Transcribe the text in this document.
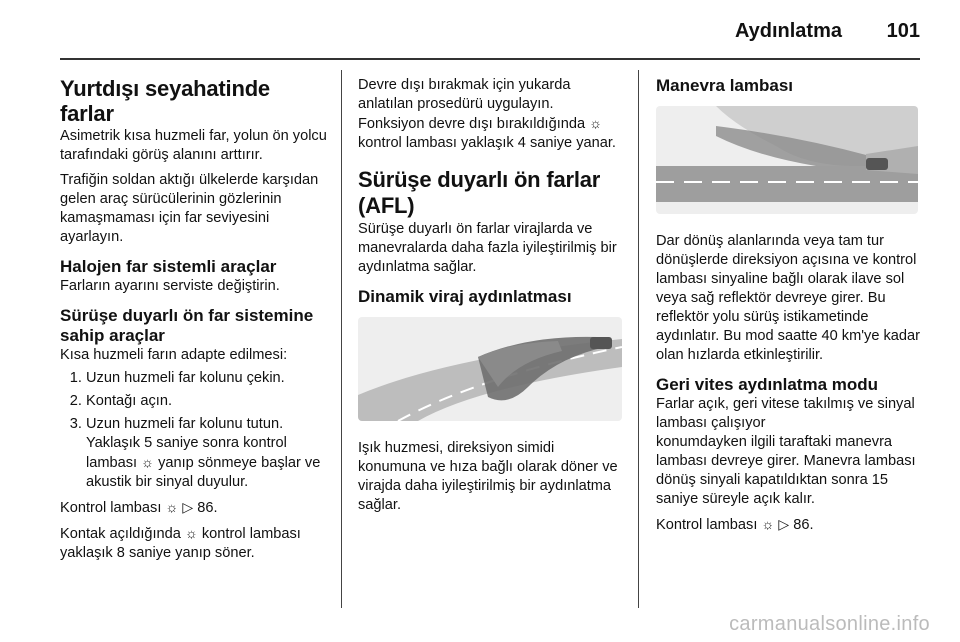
Aydınlatma 101
Yurtdışı seyahatinde farlar

Asimetrik kısa huzmeli far, yolun ön yolcu tarafındaki görüş alanını arttırır.

Trafiğin soldan aktığı ülkelerde karşıdan gelen araç sürücülerinin gözlerinin kamaşmaması için far seviyesini ayarlayın.

Halojen far sistemli araçlar

Farların ayarını serviste değiştirin.

Sürüşe duyarlı ön far sistemine sahip araçlar

Kısa huzmeli farın adapte edilmesi:

1. Uzun huzmeli far kolunu çekin.
2. Kontağı açın.
3. Uzun huzmeli far kolunu tutun.
Yaklaşık 5 saniye sonra kontrol lambası ☼ yanıp sönmeye başlar ve akustik bir sinyal duyulur.

Kontrol lambası ☼ ▷ 86.

Kontak açıldığında ☼ kontrol lambası yaklaşık 8 saniye yanıp söner.

Devre dışı bırakmak için yukarda anlatılan prosedürü uygulayın. Fonksiyon devre dışı bırakıldığında ☼ kontrol lambası yaklaşık 4 saniye yanar.

Sürüşe duyarlı ön farlar (AFL)

Sürüşe duyarlı ön farlar virajlarda ve manevralarda daha fazla iyileştirilmiş bir aydınlatma sağlar.

Dinamik viraj aydınlatması

Işık huzmesi, direksiyon simidi konumuna ve hıza bağlı olarak döner ve virajda daha iyileştirilmiş bir aydınlatma sağlar.

Manevra lambası

Dar dönüş alanlarında veya tam tur dönüşlerde direksiyon açısına ve kontrol lambası sinyaline bağlı olarak ilave sol veya sağ reflektör devreye girer. Bu reflektör yolu sürüş istikametinde aydınlatır. Bu mod saatte 40 km'ye kadar olan hızlarda etkinleştirilir.

Geri vites aydınlatma modu

Farlar açık, geri vitese takılmış ve sinyal lambası çalışıyor

konumdayken ilgili taraftaki manevra lambası devreye girer. Manevra lambası dönüş sinyali kapatıldıktan sonra 15 saniye süreyle açık kalır.

Kontrol lambası ☼ ▷ 86.

carmanualsonline.info
